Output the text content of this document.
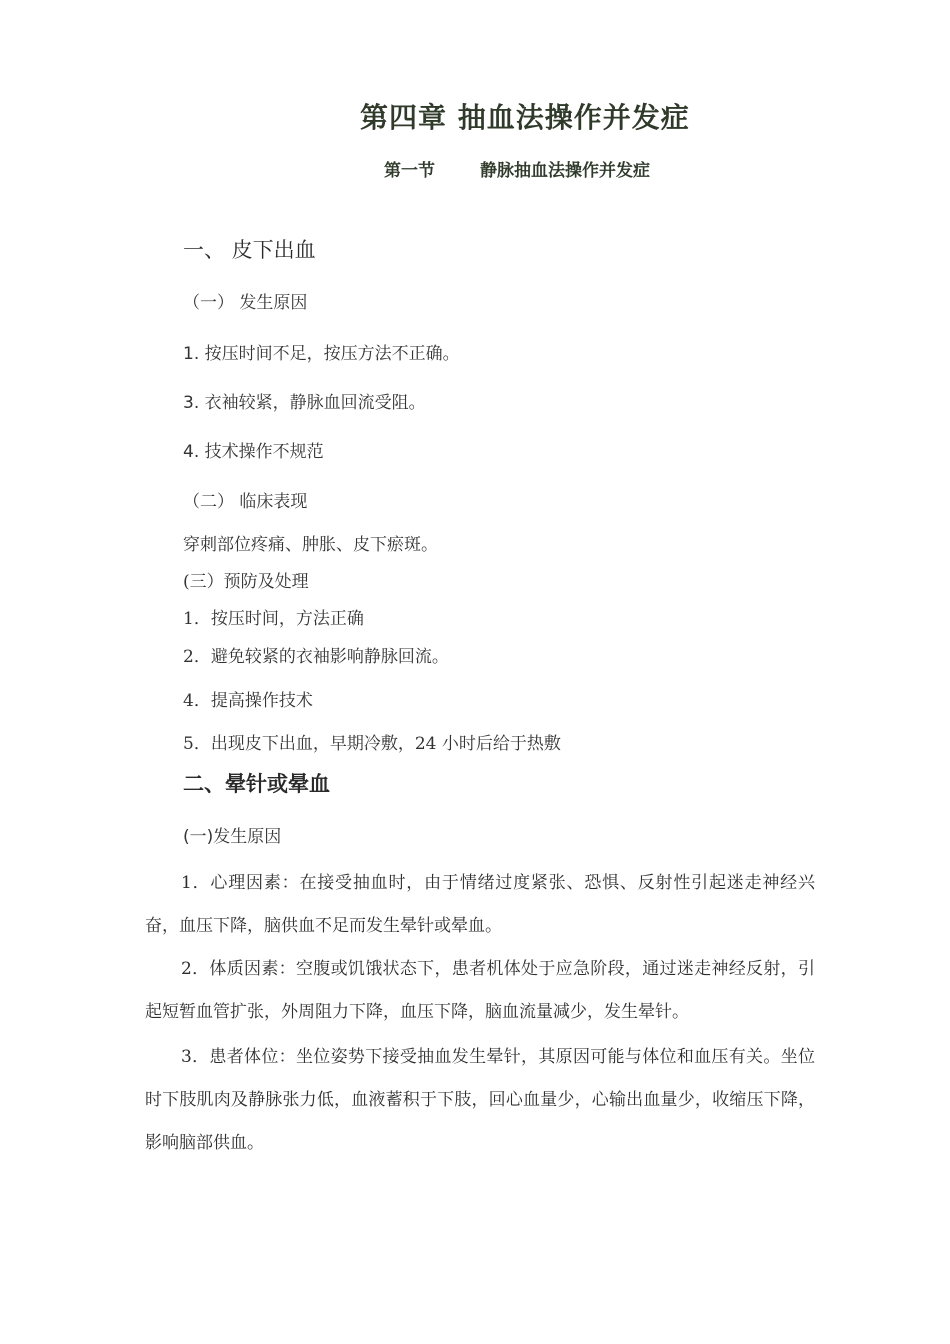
第四章 抽血法操作并发症
第一节	静脉抽血法操作并发症
一、 皮下出血
（一） 发生原因
1. 按压时间不足，按压方法不正确。
3. 衣袖较紧，静脉血回流受阻。
4. 技术操作不规范
（二） 临床表现
穿刺部位疼痛、肿胀、皮下瘀斑。
(三）预防及处理
1．按压时间，方法正确
2．避免较紧的衣袖影响静脉回流。
4．提高操作技术
5．出现皮下出血，早期冷敷，24 小时后给于热敷
二、晕针或晕血
(一)发生原因

1．心理因素：在接受抽血时，由于情绪过度紧张、恐惧、反射性引起迷走神经兴奋，血压下降，脑供血不足而发生晕针或晕血。

2．体质因素：空腹或饥饿状态下，患者机体处于应急阶段，通过迷走神经反射，引起短暂血管扩张，外周阻力下降，血压下降，脑血流量减少，发生晕针。

3．患者体位：坐位姿势下接受抽血发生晕针，其原因可能与体位和血压有关。坐位时下肢肌肉及静脉张力低，血液蓄积于下肢，回心血量少，心输出血量少，收缩压下降，影响脑部供血。
